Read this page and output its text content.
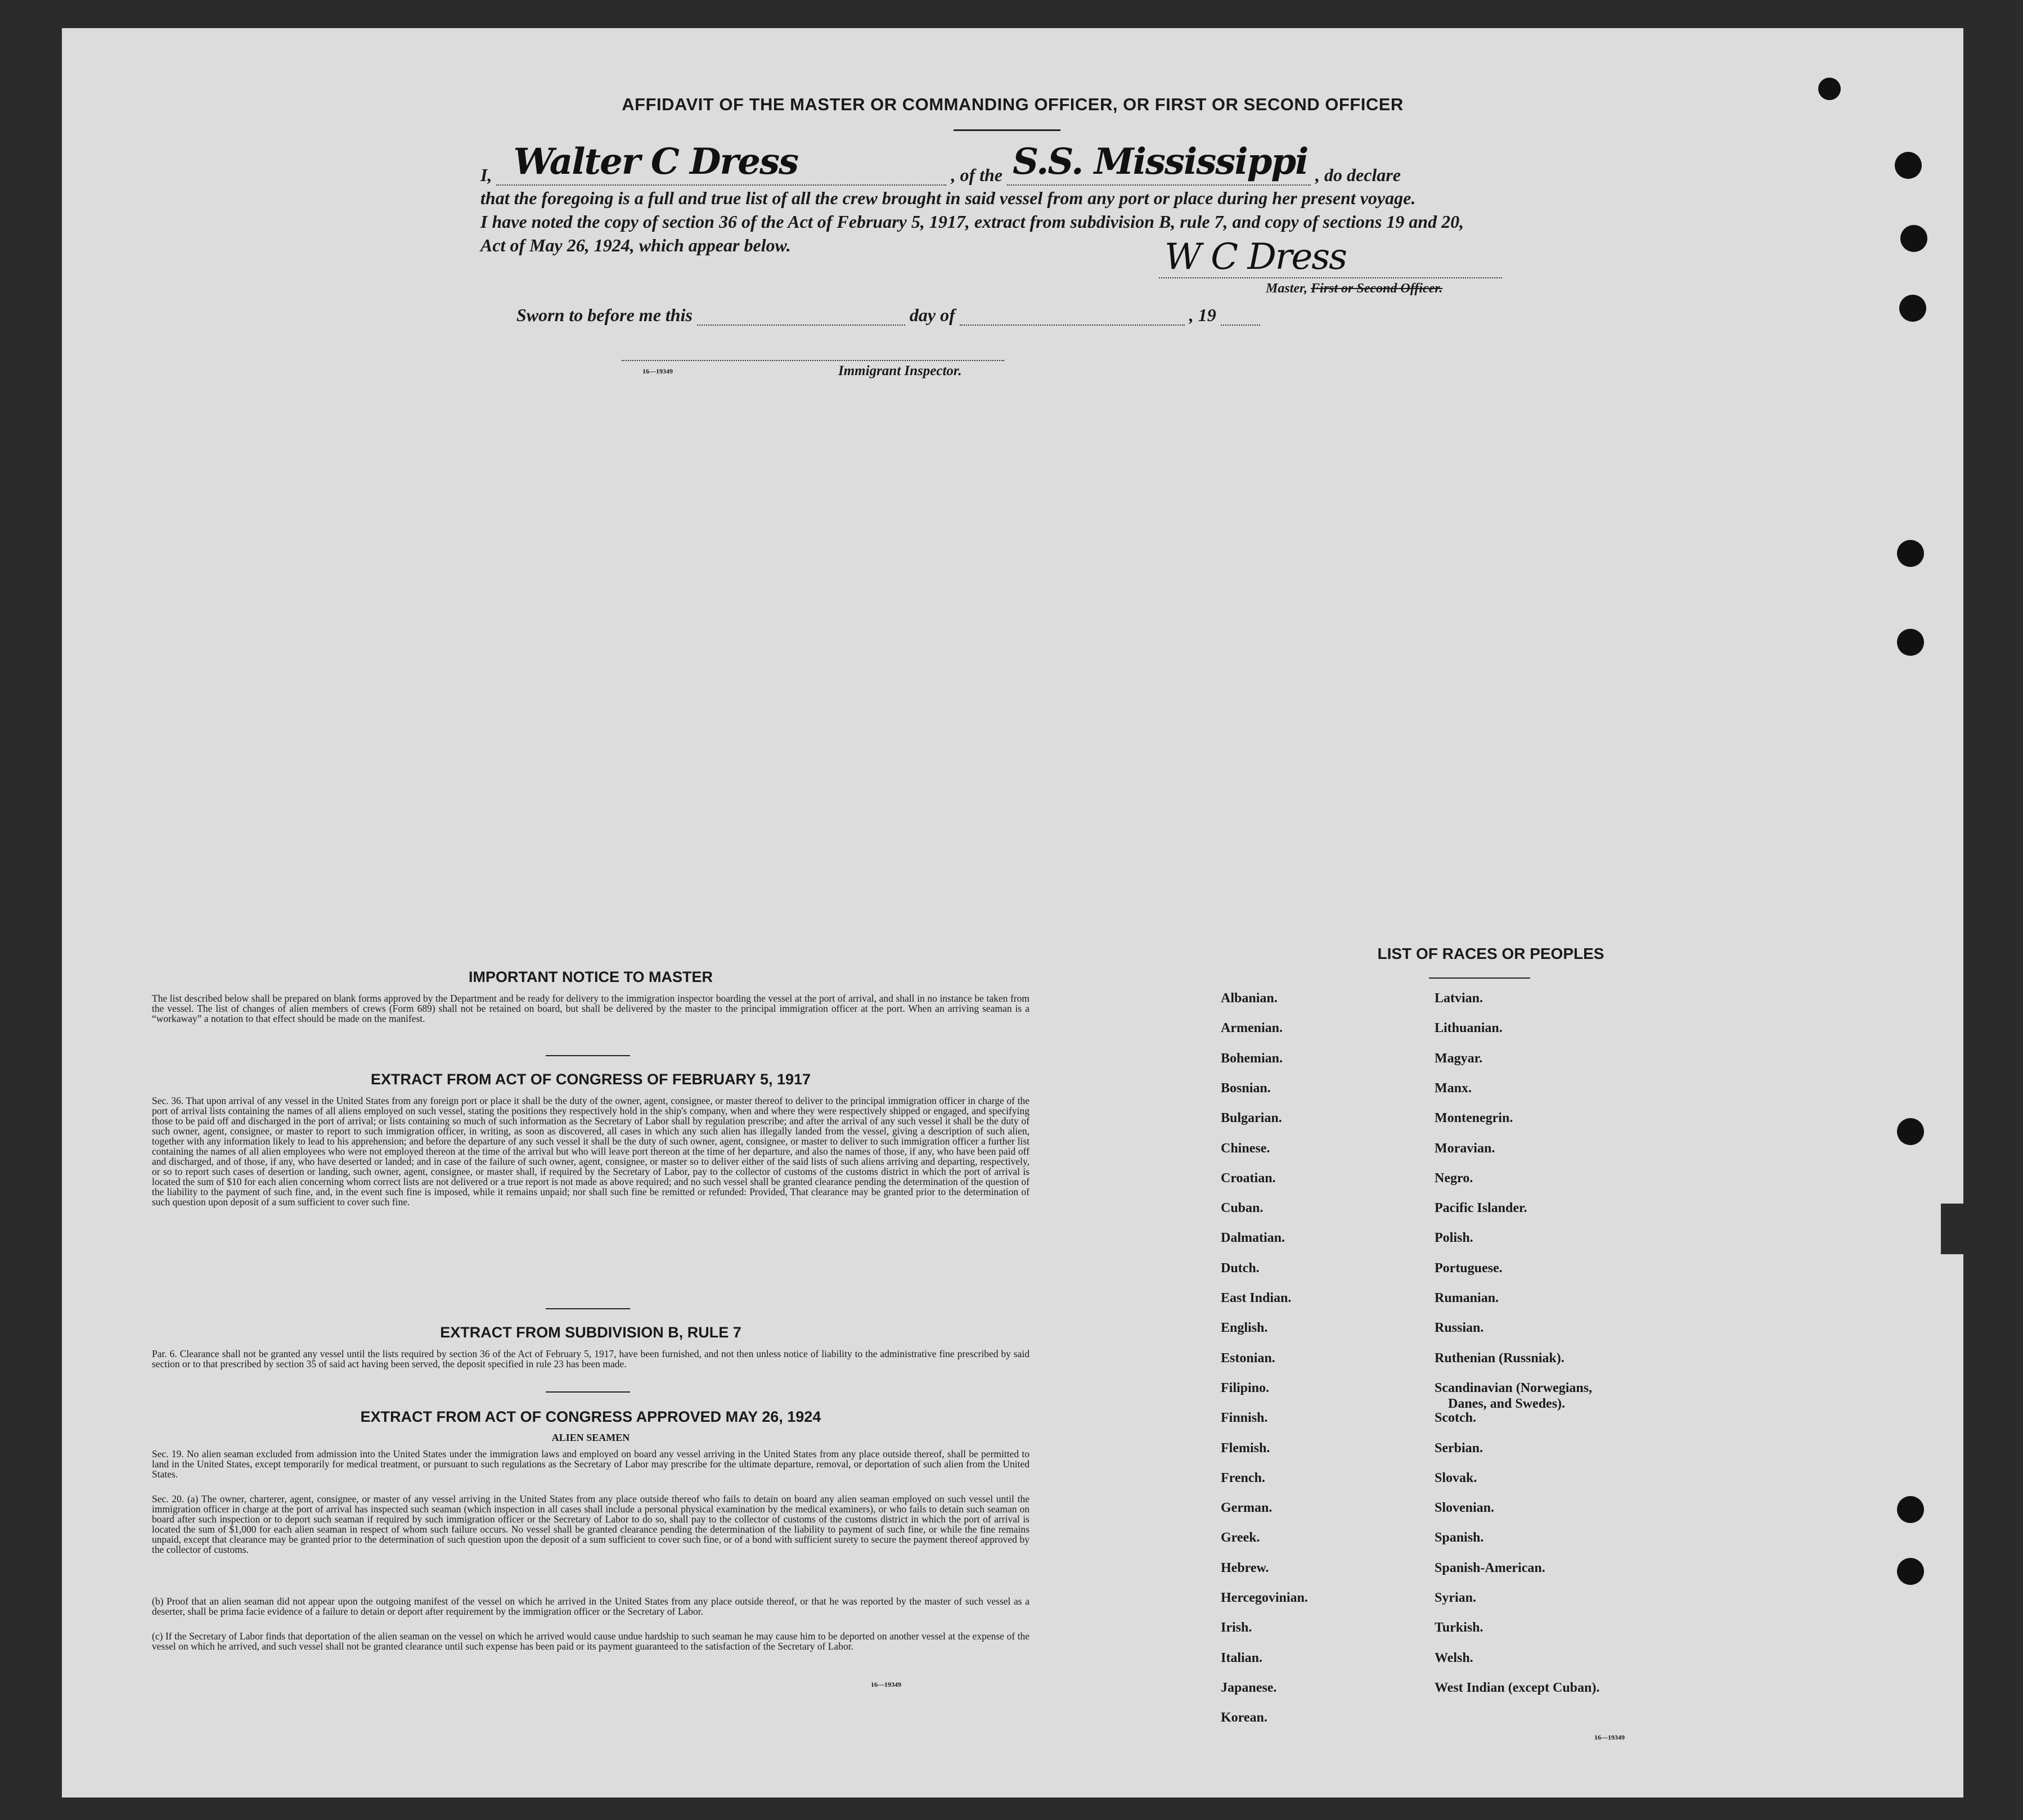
AFFIDAVIT OF THE MASTER OR COMMANDING OFFICER, OR FIRST OR SECOND OFFICER
I, Walter C Dress	, of the S.S. Mississippi , do declare
that the foregoing is a full and true list of all the crew brought in said vessel from any port or place during her present voyage.
I have noted the copy of section 36 of the Act of February 5, 1917, extract from subdivision B, rule 7, and copy of sections 19 and 20,
Act of May 26, 1924, which appear below.	W C Dress
Master, First or Second Officer.
Sworn to before me this	day of	, 19
16—19349	Immigrant Inspector.
IMPORTANT NOTICE TO MASTER
The list described below shall be prepared on blank forms approved by the Department and be ready for delivery to the immigration inspector boarding the vessel at the port of arrival, and shall in no instance be taken from the vessel. The list of changes of alien members of crews (Form 689) shall not be retained on board, but shall be delivered by the master to the principal immigration officer at the port. When an arriving seaman is a “workaway” a notation to that effect should be made on the manifest.
EXTRACT FROM ACT OF CONGRESS OF FEBRUARY 5, 1917
Sec. 36. That upon arrival of any vessel in the United States from any foreign port or place it shall be the duty of the owner, agent, consignee, or master thereof to deliver to the principal immigration officer in charge of the port of arrival lists containing the names of all aliens employed on such vessel, stating the positions they respectively hold in the ship's company, when and where they were respectively shipped or engaged, and specifying those to be paid off and discharged in the port of arrival; or lists containing so much of such information as the Secretary of Labor shall by regulation prescribe; and after the arrival of any such vessel it shall be the duty of such owner, agent, consignee, or master to report to such immigration officer, in writing, as soon as discovered, all cases in which any such alien has illegally landed from the vessel, giving a description of such alien, together with any information likely to lead to his apprehension; and before the departure of any such vessel it shall be the duty of such owner, agent, consignee, or master to deliver to such immigration officer a further list containing the names of all alien employees who were not employed thereon at the time of the arrival but who will leave port thereon at the time of her departure, and also the names of those, if any, who have been paid off and discharged, and of those, if any, who have deserted or landed; and in case of the failure of such owner, agent, consignee, or master so to deliver either of the said lists of such aliens arriving and departing, respectively, or so to report such cases of desertion or landing, such owner, agent, consignee, or master shall, if required by the Secretary of Labor, pay to the collector of customs of the customs district in which the port of arrival is located the sum of $10 for each alien concerning whom correct lists are not delivered or a true report is not made as above required; and no such vessel shall be granted clearance pending the determination of the question of the liability to the payment of such fine, and, in the event such fine is imposed, while it remains unpaid; nor shall such fine be remitted or refunded: Provided, That clearance may be granted prior to the determination of such question upon deposit of a sum sufficient to cover such fine.
EXTRACT FROM SUBDIVISION B, RULE 7
Par. 6. Clearance shall not be granted any vessel until the lists required by section 36 of the Act of February 5, 1917, have been furnished, and not then unless notice of liability to the administrative fine prescribed by said section or to that prescribed by section 35 of said act having been served, the deposit specified in rule 23 has been made.
EXTRACT FROM ACT OF CONGRESS APPROVED MAY 26, 1924
ALIEN SEAMEN
Sec. 19. No alien seaman excluded from admission into the United States under the immigration laws and employed on board any vessel arriving in the United States from any place outside thereof, shall be permitted to land in the United States, except temporarily for medical treatment, or pursuant to such regulations as the Secretary of Labor may prescribe for the ultimate departure, removal, or deportation of such alien from the United States.
Sec. 20. (a) The owner, charterer, agent, consignee, or master of any vessel arriving in the United States from any place outside thereof who fails to detain on board any alien seaman employed on such vessel until the immigration officer in charge at the port of arrival has inspected such seaman (which inspection in all cases shall include a personal physical examination by the medical examiners), or who fails to detain such seaman on board after such inspection or to deport such seaman if required by such immigration officer or the Secretary of Labor to do so, shall pay to the collector of customs of the customs district in which the port of arrival is located the sum of $1,000 for each alien seaman in respect of whom such failure occurs. No vessel shall be granted clearance pending the determination of the liability to payment of such fine, or while the fine remains unpaid, except that clearance may be granted prior to the determination of such question upon the deposit of a sum sufficient to cover such fine, or of a bond with sufficient surety to secure the payment thereof approved by the collector of customs.
(b) Proof that an alien seaman did not appear upon the outgoing manifest of the vessel on which he arrived in the United States from any place outside thereof, or that he was reported by the master of such vessel as a deserter, shall be prima facie evidence of a failure to detain or deport after requirement by the immigration officer or the Secretary of Labor.
(c) If the Secretary of Labor finds that deportation of the alien seaman on the vessel on which he arrived would cause undue hardship to such seaman he may cause him to be deported on another vessel at the expense of the vessel on which he arrived, and such vessel shall not be granted clearance until such expense has been paid or its payment guaranteed to the satisfaction of the Secretary of Labor.
16—19349
LIST OF RACES OR PEOPLES
Albanian.
Armenian.
Bohemian.
Bosnian.
Bulgarian.
Chinese.
Croatian.
Cuban.
Dalmatian.
Dutch.
East Indian.
English.
Estonian.
Filipino.
Finnish.
Flemish.
French.
German.
Greek.
Hebrew.
Hercegovinian.
Irish.
Italian.
Japanese.
Korean.
Latvian.
Lithuanian.
Magyar.
Manx.
Montenegrin.
Moravian.
Negro.
Pacific Islander.
Polish.
Portuguese.
Rumanian.
Russian.
Ruthenian (Russniak).
Scandinavian (Norwegians,
Danes, and Swedes).
Scotch.
Serbian.
Slovak.
Slovenian.
Spanish.
Spanish-American.
Syrian.
Turkish.
Welsh.
West Indian (except Cuban).
16—19349
